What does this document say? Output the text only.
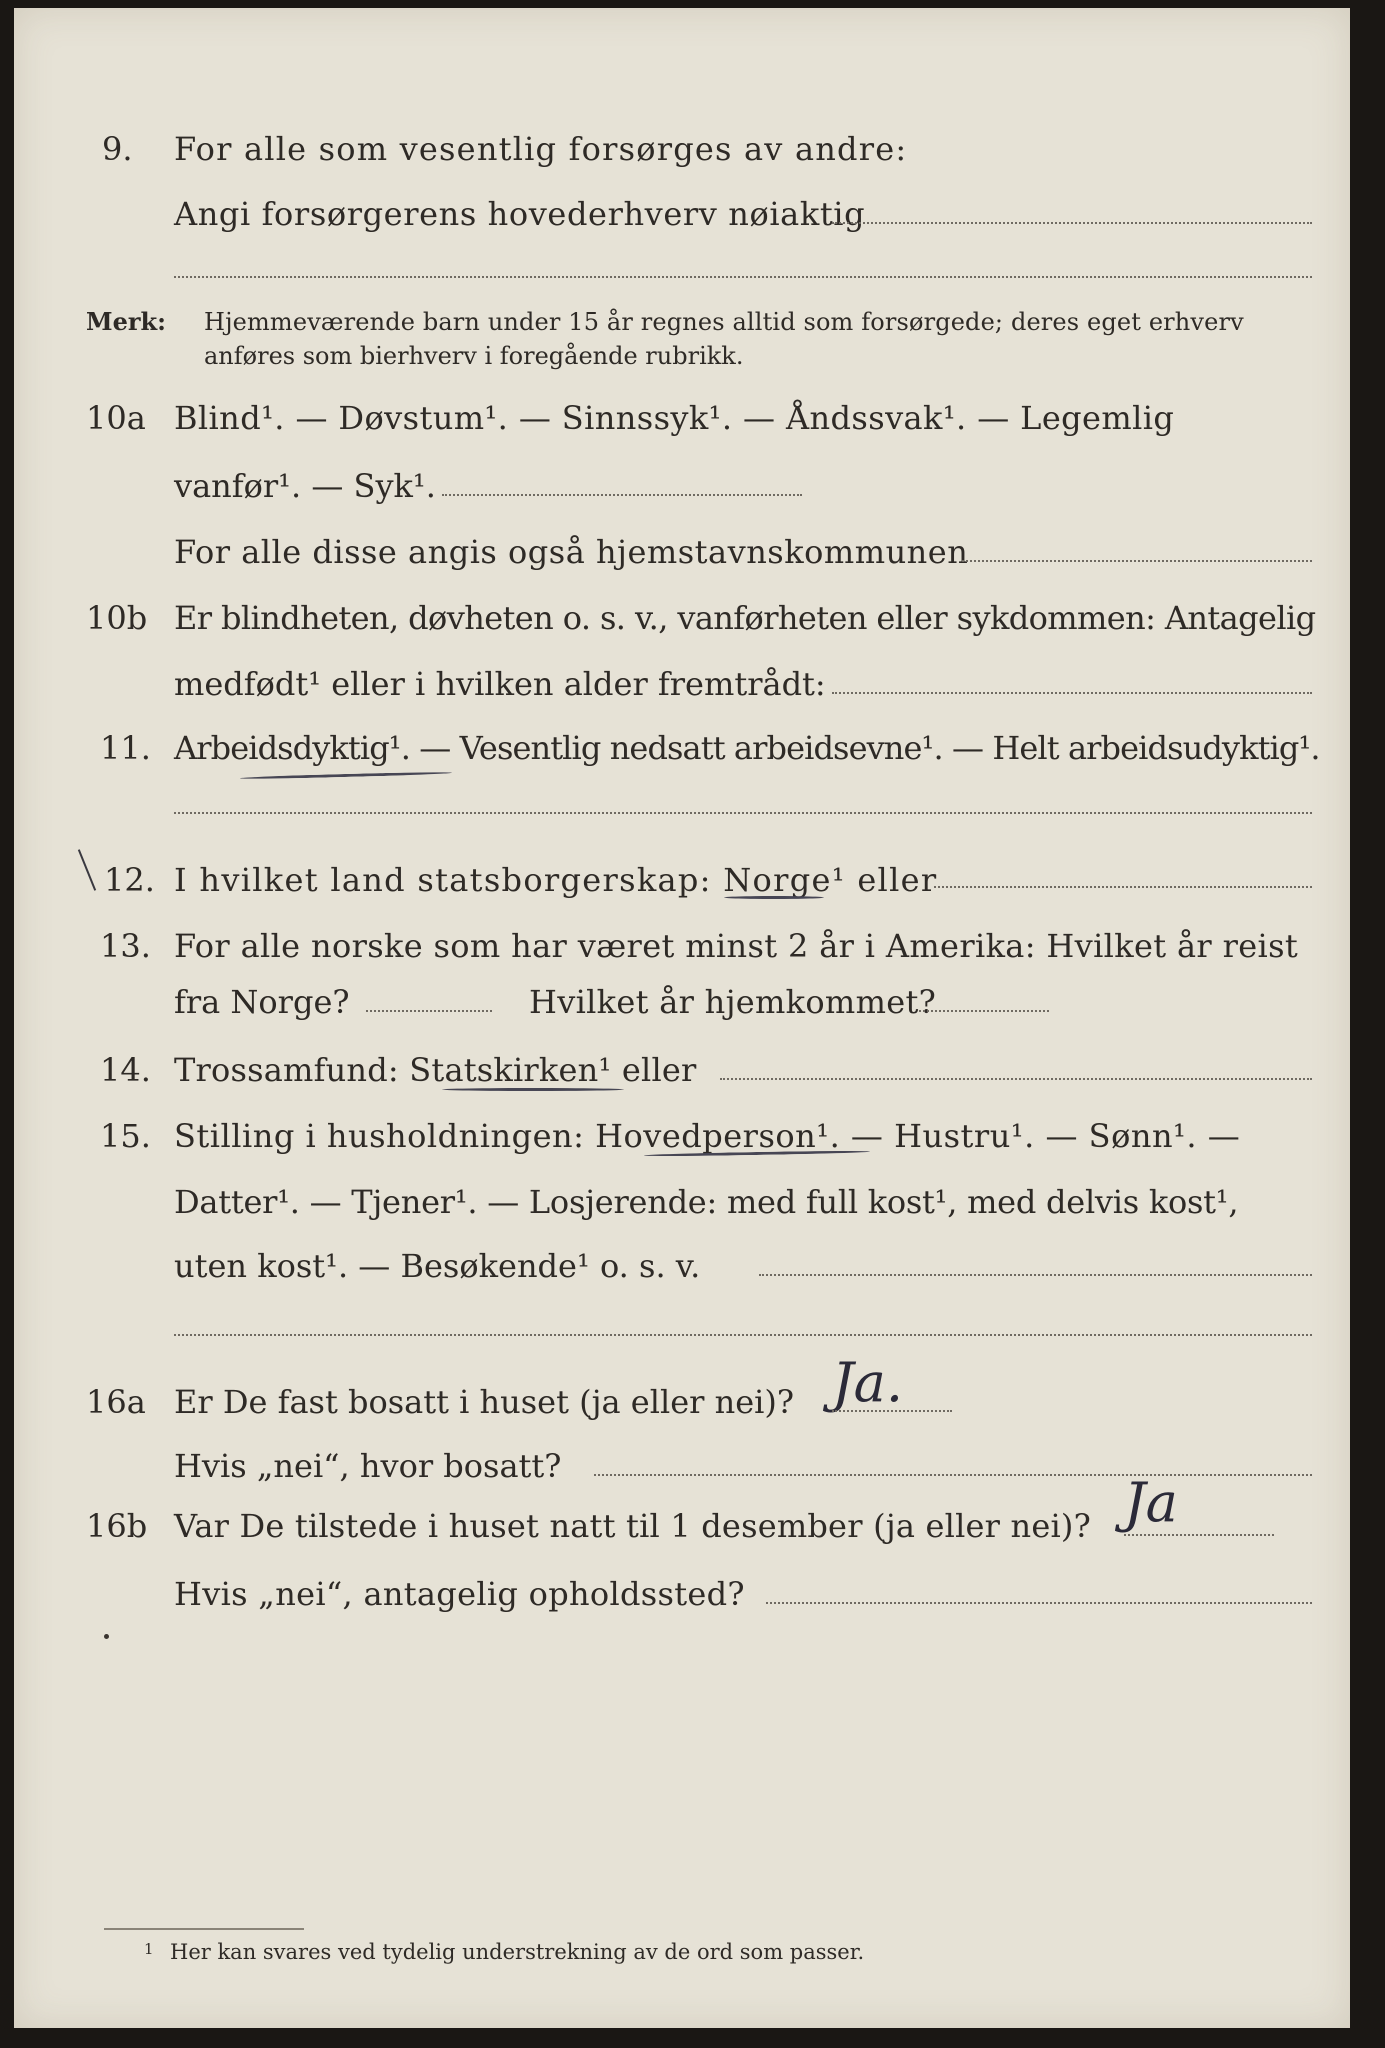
9. For alle som vesentlig forsørges av andre:
Angi forsørgerens hovederhverv nøiaktig
Merk: Hjemmeværende barn under 15 år regnes alltid som forsørgede; deres eget erhverv
anføres som bierhverv i foregående rubrikk.
10a Blind¹. — Døvstum¹. — Sinnssyk¹. — Åndssvak¹. — Legemlig
vanfør¹. — Syk¹.
For alle disse angis også hjemstavnskommunen
10b Er blindheten, døvheten o. s. v., vanførheten eller sykdommen: Antagelig
medfødt¹ eller i hvilken alder fremtrådt:
11. Arbeidsdyktig¹. — Vesentlig nedsatt arbeidsevne¹. — Helt arbeidsudyktig¹.
12. I hvilket land statsborgerskap: Norge¹ eller
13. For alle norske som har været minst 2 år i Amerika: Hvilket år reist
fra Norge?	Hvilket år hjemkommet?
14. Trossamfund: Statskirken¹ eller
15. Stilling i husholdningen: Hovedperson¹. — Hustru¹. — Sønn¹. —
Datter¹. — Tjener¹. — Losjerende: med full kost¹, med delvis kost¹,
uten kost¹. — Besøkende¹ o. s. v.
16a Er De fast bosatt i huset (ja eller nei)? Ja.
Hvis „nei“, hvor bosatt?
16b Var De tilstede i huset natt til 1 desember (ja eller nei)? Ja
Hvis „nei“, antagelig opholdssted?
1 Her kan svares ved tydelig understrekning av de ord som passer.
